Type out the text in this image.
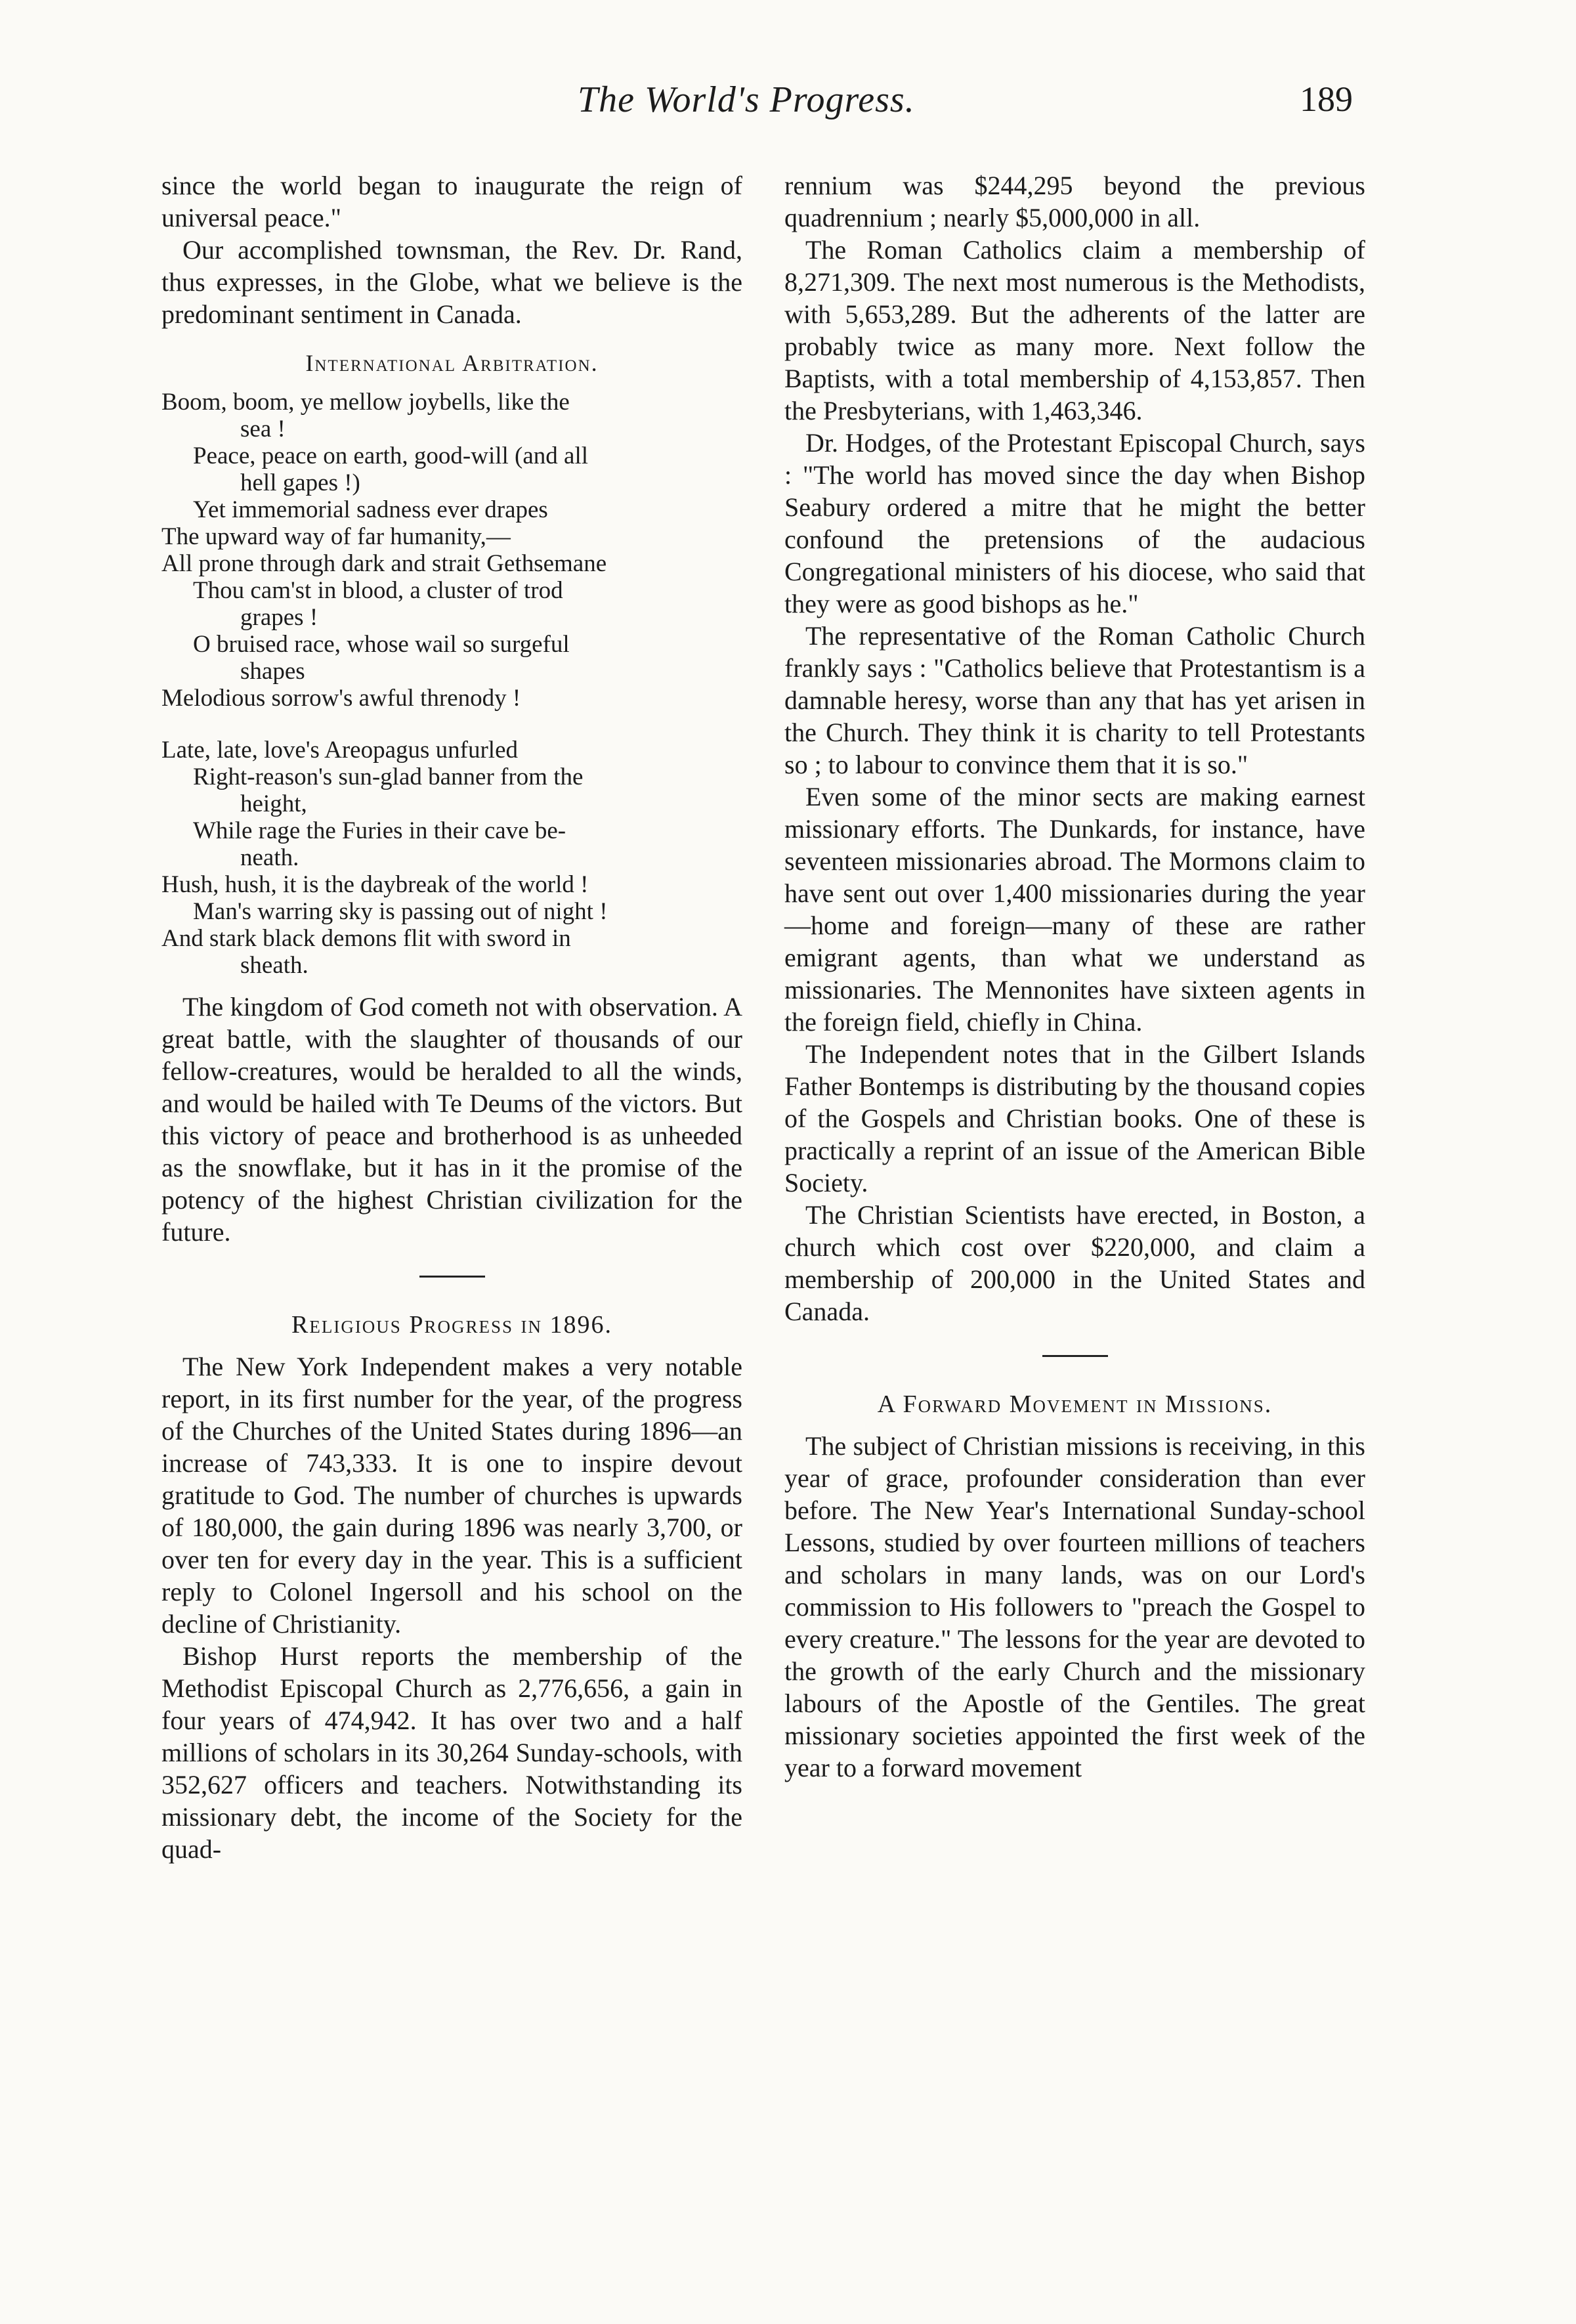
The World's Progress.	189

since the world began to inaugurate the reign of universal peace."

Our accomplished townsman, the Rev. Dr. Rand, thus expresses, in the Globe, what we believe is the predominant sentiment in Canada.

International Arbitration.
Boom, boom, ye mellow joybells, like the
sea !
Peace, peace on earth, good-will (and all
hell gapes !)
Yet immemorial sadness ever drapes
The upward way of far humanity,—
All prone through dark and strait Gethsemane
Thou cam'st in blood, a cluster of trod
grapes !
O bruised race, whose wail so surgeful
shapes
Melodious sorrow's awful threnody !
Late, late, love's Areopagus unfurled
Right-reason's sun-glad banner from the
height,
While rage the Furies in their cave be-
neath.
Hush, hush, it is the daybreak of the world !
Man's warring sky is passing out of night !
And stark black demons flit with sword in
sheath.

The kingdom of God cometh not with observation. A great battle, with the slaughter of thousands of our fellow-creatures, would be heralded to all the winds, and would be hailed with Te Deums of the victors. But this victory of peace and brotherhood is as unheeded as the snowflake, but it has in it the promise of the potency of the highest Christian civilization for the future.

Religious Progress in 1896.

The New York Independent makes a very notable report, in its first number for the year, of the progress of the Churches of the United States during 1896—an increase of 743,333. It is one to inspire devout gratitude to God. The number of churches is upwards of 180,000, the gain during 1896 was nearly 3,700, or over ten for every day in the year. This is a sufficient reply to Colonel Ingersoll and his school on the decline of Christianity.

Bishop Hurst reports the membership of the Methodist Episcopal Church as 2,776,656, a gain in four years of 474,942. It has over two and a half millions of scholars in its 30,264 Sunday-schools, with 352,627 officers and teachers. Notwithstanding its missionary debt, the income of the Society for the quad-

rennium was $244,295 beyond the previous quadrennium ; nearly $5,000,000 in all.

The Roman Catholics claim a membership of 8,271,309. The next most numerous is the Methodists, with 5,653,289. But the adherents of the latter are probably twice as many more. Next follow the Baptists, with a total membership of 4,153,857. Then the Presbyterians, with 1,463,346.

Dr. Hodges, of the Protestant Episcopal Church, says : "The world has moved since the day when Bishop Seabury ordered a mitre that he might the better confound the pretensions of the audacious Congregational ministers of his diocese, who said that they were as good bishops as he."

The representative of the Roman Catholic Church frankly says : "Catholics believe that Protestantism is a damnable heresy, worse than any that has yet arisen in the Church. They think it is charity to tell Protestants so ; to labour to convince them that it is so."

Even some of the minor sects are making earnest missionary efforts. The Dunkards, for instance, have seventeen missionaries abroad. The Mormons claim to have sent out over 1,400 missionaries during the year—home and foreign—many of these are rather emigrant agents, than what we understand as missionaries. The Mennonites have sixteen agents in the foreign field, chiefly in China.

The Independent notes that in the Gilbert Islands Father Bontemps is distributing by the thousand copies of the Gospels and Christian books. One of these is practically a reprint of an issue of the American Bible Society.

The Christian Scientists have erected, in Boston, a church which cost over $220,000, and claim a membership of 200,000 in the United States and Canada.

A Forward Movement in Missions.

The subject of Christian missions is receiving, in this year of grace, profounder consideration than ever before. The New Year's International Sunday-school Lessons, studied by over fourteen millions of teachers and scholars in many lands, was on our Lord's commission to His followers to "preach the Gospel to every creature." The lessons for the year are devoted to the growth of the early Church and the missionary labours of the Apostle of the Gentiles. The great missionary societies appointed the first week of the year to a forward movement
